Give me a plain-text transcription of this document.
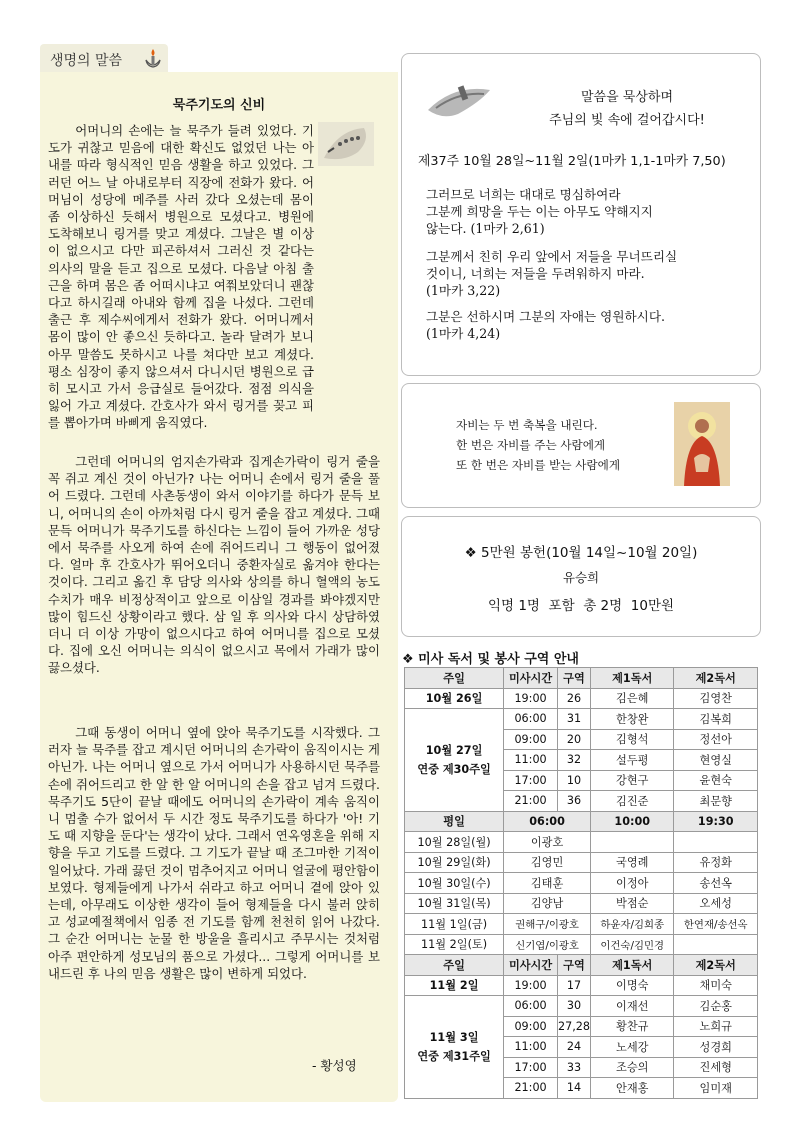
생명의 말씀
묵주기도의 신비

어머니의 손에는 늘 묵주가 들려 있었다. 기도가 귀찮고 믿음에 대한 확신도 없었던 나는 아내를 따라 형식적인 믿음 생활을 하고 있었다. 그러던 어느 날 아내로부터 직장에 전화가 왔다. 어머님이 성당에 메주를 사러 갔다 오셨는데 몸이 좀 이상하신 듯해서 병원으로 모셨다고. 병원에 도착해보니 링거를 맞고 계셨다. 그날은 별 이상이 없으시고 다만 피곤하셔서 그러신 것 같다는 의사의 말을 듣고 집으로 모셨다. 다음날 아침 출근을 하며 몸은 좀 어떠시냐고 여쭤보았더니 괜찮다고 하시길래 아내와 함께 집을 나섰다. 그런데 출근 후 제수씨에게서 전화가 왔다. 어머니께서 몸이 많이 안 좋으신 듯하다고. 놀라 달려가 보니 아무 말씀도 못하시고 나를 쳐다만 보고 계셨다. 평소 심장이 좋지 않으셔서 다니시던 병원으로 급히 모시고 가서 응급실로 들어갔다. 점점 의식을 잃어 가고 계셨다. 간호사가 와서 링거를 꽂고 피를 뽑아가며 바삐게 움직였다.

그런데 어머니의 엄지손가락과 집게손가락이 링거 줄을 꼭 쥐고 계신 것이 아닌가? 나는 어머니 손에서 링거 줄을 풀어 드렸다. 그런데 사촌동생이 와서 이야기를 하다가 문득 보니, 어머니의 손이 아까처럼 다시 링거 줄을 잡고 계셨다. 그때 문득 어머니가 묵주기도를 하신다는 느낌이 들어 가까운 성당에서 묵주를 사오게 하여 손에 쥐어드리니 그 행동이 없어졌다. 얼마 후 간호사가 뛰어오더니 중환자실로 옮겨야 한다는 것이다. 그리고 옮긴 후 담당 의사와 상의를 하니 혈액의 농도 수치가 매우 비정상적이고 앞으로 이삼일 경과를 봐야겠지만 많이 힘드신 상황이라고 했다. 삼 일 후 의사와 다시 상담하였더니 더 이상 가망이 없으시다고 하여 어머니를 집으로 모셨다. 집에 오신 어머니는 의식이 없으시고 목에서 가래가 많이 끓으셨다.

그때 동생이 어머니 옆에 앉아 묵주기도를 시작했다. 그러자 늘 묵주를 잡고 계시던 어머니의 손가락이 움직이시는 게 아닌가. 나는 어머니 옆으로 가서 어머니가 사용하시던 묵주를 손에 쥐어드리고 한 알 한 알 어머니의 손을 잡고 넘겨 드렸다. 묵주기도 5단이 끝날 때에도 어머니의 손가락이 계속 움직이니 멈출 수가 없어서 두 시간 정도 묵주기도를 하다가 '아! 기도 때 지향을 둔다'는 생각이 났다. 그래서 연옥영혼을 위해 지향을 두고 기도를 드렸다. 그 기도가 끝날 때 조그마한 기적이 일어났다. 가래 끓던 것이 멈추어지고 어머니 얼굴에 평안함이 보였다. 형제들에게 나가서 쉬라고 하고 어머니 곁에 앉아 있는데, 아무래도 이상한 생각이 들어 형제들을 다시 불러 앉히고 성교예절책에서 임종 전 기도를 함께 천천히 읽어 나갔다. 그 순간 어머니는 눈물 한 방울을 흘리시고 주무시는 것처럼 아주 편안하게 성모님의 품으로 가셨다... 그렇게 어머니를 보내드린 후 나의 믿음 생활은 많이 변하게 되었다.

- 황성영
말씀을 묵상하며
주님의 빛 속에 걸어갑시다!
제37주 10월 28일~11월 2일(1마카 1,1-1마카 7,50)
그러므로 너희는 대대로 명심하여라
그분께 희망을 두는 이는 아무도 약해지지
않는다. (1마카 2,61)
그분께서 친히 우리 앞에서 저들을 무너뜨리실
것이니, 너희는 저들을 두려워하지 마라.
(1마카 3,22)
그분은 선하시며 그분의 자애는 영원하시다.
(1마카 4,24)
자비는 두 번 축복을 내린다.
한 번은 자비를 주는 사람에게
또 한 번은 자비를 받는 사람에게
❖ 5만원 봉헌(10월 14일~10월 20일)
유승희
익명 1명  포함  총 2명  10만원
❖ 미사 독서 및 봉사 구역 안내
주일	미사시간	구역	제1독서	제2독서
10월 26일	19:00	26	김은혜	김영찬

10월 27일
연중 제30주일	06:00	31	한창완	김복희
	09:00	20	김형석	정선아
	11:00	32	설두평	현영실
	17:00	10	강현구	윤현숙
	21:00	36	김진준	최문향
평일	06:00		10:00	19:30
10월 28일(월)	이광호			
10월 29일(화)	김영민		국영례	유정화
10월 30일(수)	김태훈		이정아	송선옥
10월 31일(목)	김양남		박점순	오세성
11월 1일(금)	권해구/이광호		하윤자/김희종	한연재/송선옥
11월 2일(토)	신기엽/이광호		이건숙/김민경	
주일	미사시간	구역	제1독서	제2독서
11월 2일	19:00	17	이명숙	채미숙

11월 3일
연중 제31주일	06:00	30	이재선	김순홍
	09:00	27,28	황찬규	노희규
	11:00	24	노세강	성경희
	17:00	33	조승의	진세형
	21:00	14	안재홍	임미재
